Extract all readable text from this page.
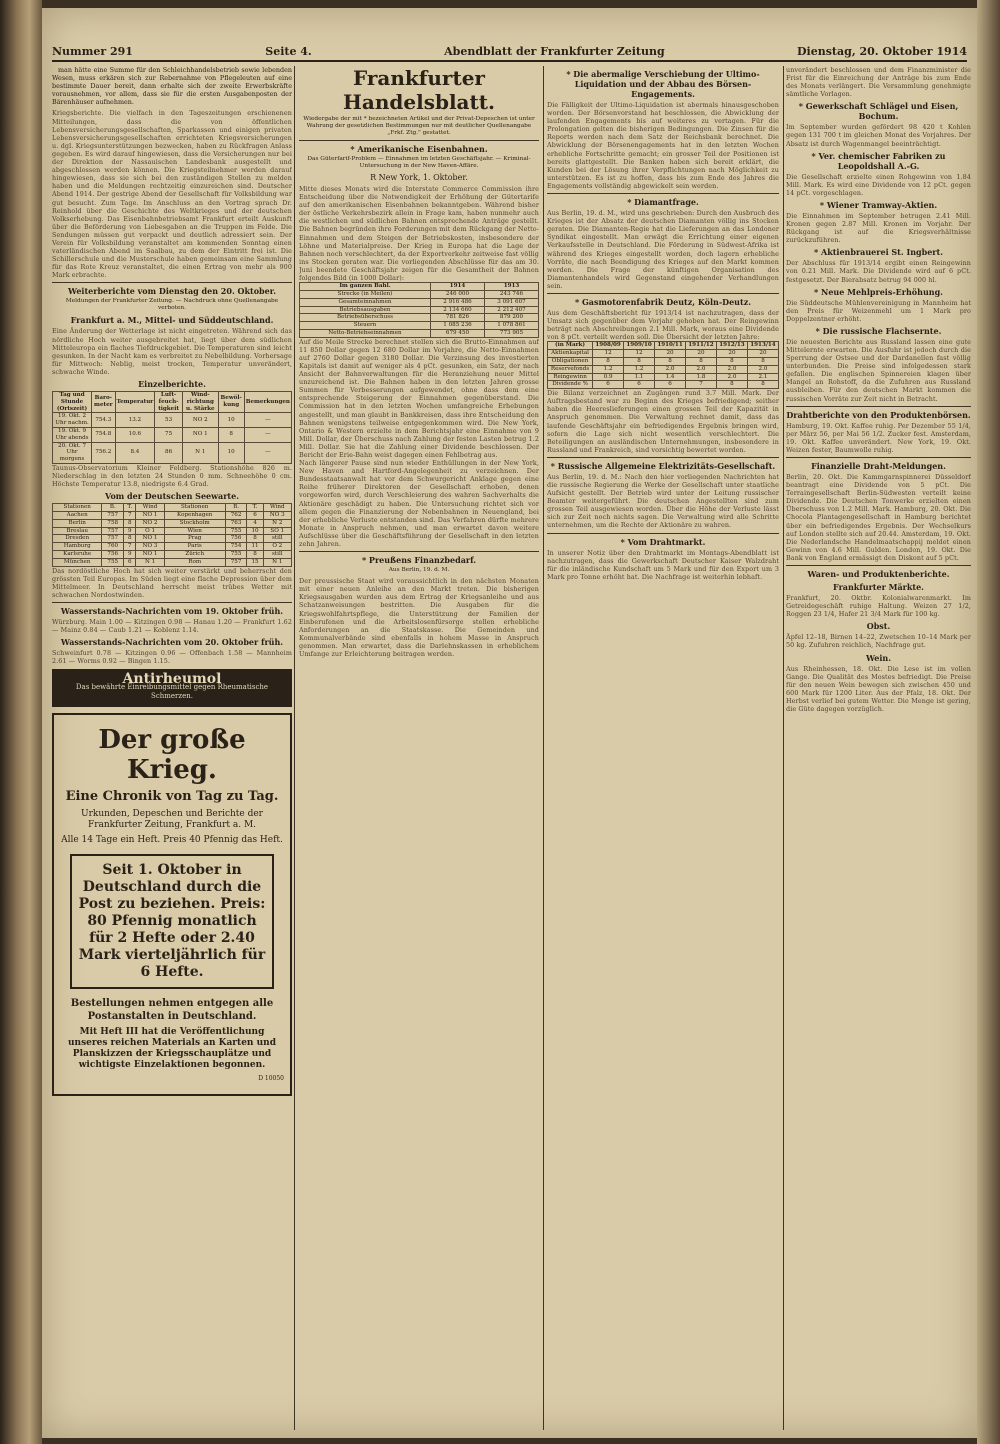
Nummer 291	Seite 4.	Abendblatt der Frankfurter Zeitung	Dienstag, 20. Oktober 1914

man hätte eine Summe für den Schleichhandelsbetrieb sowie lebenden Wesen, muss erkären sich zur Rebernahme von Pflegeleuten auf eine bestimmte Dauer bereit, dann erhalte sich der zweite Erwerbskräfte vorausnehmen, vor allem, dass sie für die ersten Ausgabenposten der Bärenhäuser aufnehmen.

Kriegsberichte. Die vielfach in den Tageszeitungen erschienenen Mitteilungen, dass die von öffentlichen Lebensversicherungsgesellschaften, Sparkassen und einigen privaten Lebensversicherungsgesellschaften errichteten Kriegsversicherungen u. dgl. Kriegsunterstützungen bezwecken, haben zu Rückfragen Anlass gegeben. Es wird darauf hingewiesen, dass die Versicherungen nur bei der Direktion der Nassauischen Landesbank ausgestellt und abgeschlossen werden können. Die Kriegsteilnehmer werden darauf hingewiesen, dass sie sich bei den zuständigen Stellen zu melden haben und die Meldungen rechtzeitig einzureichen sind. Deutscher Abend 1914. Der gestrige Abend der Gesellschaft für Volksbildung war gut besucht. Zum Tage. Im Anschluss an den Vortrag sprach Dr. Reinhold über die Geschichte des Weltkrieges und der deutschen Volkserhebung. Das Eisenbahnbetriebsamt Frankfurt erteilt Auskunft über die Beförderung von Liebesgaben an die Truppen im Felde. Die Sendungen müssen gut verpackt und deutlich adressiert sein. Der Verein für Volksbildung veranstaltet am kommenden Sonntag einen vaterländischen Abend im Saalbau, zu dem der Eintritt frei ist. Die Schillerschule und die Musterschule haben gemeinsam eine Sammlung für das Rote Kreuz veranstaltet, die einen Ertrag von mehr als 900 Mark erbrachte.

Weiterberichte vom Dienstag den 20. Oktober.
Meldungen der Frankfurter Zeitung. — Nachdruck ohne Quellenangabe verboten.
Frankfurt a. M., Mittel- und Süddeutschland.

Eine Änderung der Wetterlage ist nicht eingetreten. Während sich das nördliche Hoch weiter ausgebreitet hat, liegt über dem südlichen Mitteleuropa ein flaches Tiefdruckgebiet. Die Temperaturen sind leicht gesunken. In der Nacht kam es verbreitet zu Nebelbildung. Vorhersage für Mittwoch: Neblig, meist trocken, Temperatur unverändert, schwache Winde.

Einzelberichte.
Tag und Stunde (Ortszeit)	Baro-meter	Temperatur	Luft-feuch-tigkeit	Wind-richtung u. Stärke	Bewöl-kung	Bemerkungen
19. Okt. 2 Uhr nachm.	754.3	13.2	53	NO 2	10	—
19. Okt. 9 Uhr abends	754.8	10.6	75	NO 1	8	—
20. Okt. 7 Uhr morgens	756.2	8.4	86	N 1	10	—

Taunus-Observatorium Kleiner Feldberg. Stationshöhe 826 m. Niederschlag in den letzten 24 Stunden 0 mm. Schneehöhe 0 cm. Höchste Temperatur 13.8, niedrigste 6.4 Grad.

Vom der Deutschen Seewarte.
Stationen	B.	T.	Wind	Stationen	B.	T.	Wind
Aachen	757	7	NO 1	Kopenhagen	762	6	NO 3
Berlin	758	8	NO 2	Stockholm	763	4	N 2
Breslau	757	9	O 1	Wien	755	10	SO 1
Dresden	757	8	NO 1	Prag	756	8	still
Hamburg	760	7	NO 3	Paris	754	11	O 2
Karlsruhe	756	9	NO 1	Zürich	755	8	still
München	755	6	N 1	Rom	757	15	N 1

Das nordöstliche Hoch hat sich weiter verstärkt und beherrscht den grössten Teil Europas. Im Süden liegt eine flache Depression über dem Mittelmeer. In Deutschland herrscht meist trübes Wetter mit schwachen Nordostwinden.

Wasserstands-Nachrichten vom 19. Oktober früh.

Würzburg. Main 1.00 — Kitzingen 0.98 — Hanau 1.20 — Frankfurt 1.62 — Mainz 0.84 — Caub 1.21 — Koblenz 1.14.

Wasserstands-Nachrichten vom 20. Oktober früh.

Schweinfurt 0.78 — Kitzingen 0.96 — Offenbach 1.58 — Mannheim 2.61 — Worms 0.92 — Bingen 1.15.

Antirheumol
Das bewährte Einreibungsmittel gegen Rheumatische Schmerzen.
Der große Krieg.
Eine Chronik von Tag zu Tag.
Urkunden, Depeschen und Berichte der Frankfurter Zeitung, Frankfurt a. M.
Alle 14 Tage ein Heft. Preis 40 Pfennig das Heft.
Seit 1. Oktober in Deutschland durch die Post zu beziehen. Preis: 80 Pfennig monatlich für 2 Hefte oder 2.40 Mark vierteljährlich für 6 Hefte.
Bestellungen nehmen entgegen alle Postanstalten in Deutschland.
Mit Heft III hat die Veröffentlichung unseres reichen Materials an Karten und Planskizzen der Kriegsschauplätze und wichtigste Einzelaktionen begonnen.
D 10050
Frankfurter Handelsblatt.
Wiedergabe der mit * bezeichneten Artikel und der Privat-Depeschen ist unter Wahrung der gesetzlichen Bestimmungen nur mit deutlicher Quellenangabe „Frkf. Ztg." gestattet.
* Amerikanische Eisenbahnen.
Das Güterfarif-Problem — Einnahmen im letzten Geschäftsjahr. — Kriminal-Untersuchung in der New Haven-Affäre.
R New York, 1. Oktober.

Mitte dieses Monats wird die Interstate Commerce Commission ihre Entscheidung über die Notwendigkeit der Erhöhung der Gütertarife auf den amerikanischen Eisenbahnen bekanntgeben. Während bisher der östliche Verkehrsbezirk allein in Frage kam, haben nunmehr auch die westlichen und südlichen Bahnen entsprechende Anträge gestellt. Die Bahnen begründen ihre Forderungen mit dem Rückgang der Netto-Einnahmen und dem Steigen der Betriebskosten, insbesondere der Löhne und Materialpreise. Der Krieg in Europa hat die Lage der Bahnen noch verschlechtert, da der Exportverkehr zeitweise fast völlig ins Stocken geraten war. Die vorliegenden Abschlüsse für das am 30. Juni beendete Geschäftsjahr zeigen für die Gesamtheit der Bahnen folgendes Bild (in 1000 Dollar):

Im ganzen Bahl.	1914	1913
Strecke (in Meilen)	246 000	243 746
Gesamteinnahmen	2 916 486	3 091 607
Betriebsausgaben	2 134 660	2 212 407
Betriebsüberschuss	781 826	879 200
Steuern	1 085 236	1 078 861
Netto-Betriebseinnahmen	679 450	773 905

Auf die Meile Strecke berechnet stellen sich die Brutto-Einnahmen auf 11 850 Dollar gegen 12 680 Dollar im Vorjahre, die Netto-Einnahmen auf 2760 Dollar gegen 3180 Dollar. Die Verzinsung des investierten Kapitals ist damit auf weniger als 4 pCt. gesunken, ein Satz, der nach Ansicht der Bahnverwaltungen für die Heranziehung neuer Mittel unzureichend ist. Die Bahnen haben in den letzten Jahren grosse Summen für Verbesserungen aufgewendet, ohne dass dem eine entsprechende Steigerung der Einnahmen gegenüberstand. Die Commission hat in den letzten Wochen umfangreiche Erhebungen angestellt, und man glaubt in Bankkreisen, dass ihre Entscheidung den Bahnen wenigstens teilweise entgegenkommen wird. Die New York, Ontario & Western erzielte in dem Berichtsjahr eine Einnahme von 9 Mill. Dollar, der Überschuss nach Zahlung der festen Lasten betrug 1.2 Mill. Dollar. Sie hat die Zahlung einer Dividende beschlossen. Der Bericht der Erie-Bahn weist dagegen einen Fehlbetrag aus.

Nach längerer Pause sind nun wieder Enthüllungen in der New York, New Haven and Hartford-Angelegenheit zu verzeichnen. Der Bundesstaatsanwalt hat vor dem Schwurgericht Anklage gegen eine Reihe früherer Direktoren der Gesellschaft erhoben, denen vorgeworfen wird, durch Verschleierung des wahren Sachverhalts die Aktionäre geschädigt zu haben. Die Untersuchung richtet sich vor allem gegen die Finanzierung der Nebenbahnen in Neuengland, bei der erhebliche Verluste entstanden sind. Das Verfahren dürfte mehrere Monate in Anspruch nehmen, und man erwartet davon weitere Aufschlüsse über die Geschäftsführung der Gesellschaft in den letzten zehn Jahren.

* Preußens Finanzbedarf.
Aus Berlin, 19. d. M.

Der preussische Staat wird voraussichtlich in den nächsten Monaten mit einer neuen Anleihe an den Markt treten. Die bisherigen Kriegsausgaben wurden aus dem Ertrag der Kriegsanleihe und aus Schatzanweisungen bestritten. Die Ausgaben für die Kriegswohlfahrtspflege, die Unterstützung der Familien der Einberufenen und die Arbeitslosenfürsorge stellen erhebliche Anforderungen an die Staatskasse. Die Gemeinden und Kommunalverbände sind ebenfalls in hohem Masse in Anspruch genommen. Man erwartet, dass die Darlehnskassen in erheblichem Umfange zur Erleichterung beitragen werden.

* Die abermalige Verschiebung der Ultimo-Liquidation und der Abbau des Börsen-Engagements.

Die Fälligkeit der Ultimo-Liquidation ist abermals hinausgeschoben worden. Der Börsenvorstand hat beschlossen, die Abwicklung der laufenden Engagements bis auf weiteres zu vertagen. Für die Prolongation gelten die bisherigen Bedingungen. Die Zinsen für die Reports werden nach dem Satz der Reichsbank berechnet. Die Abwicklung der Börsenengagements hat in den letzten Wochen erhebliche Fortschritte gemacht; ein grosser Teil der Positionen ist bereits glattgestellt. Die Banken haben sich bereit erklärt, die Kunden bei der Lösung ihrer Verpflichtungen nach Möglichkeit zu unterstützen. Es ist zu hoffen, dass bis zum Ende des Jahres die Engagements vollständig abgewickelt sein werden.

* Diamantfrage.

Aus Berlin, 19. d. M., wird uns geschrieben: Durch den Ausbruch des Krieges ist der Absatz der deutschen Diamanten völlig ins Stocken geraten. Die Diamanten-Regie hat die Lieferungen an das Londoner Syndikat eingestellt. Man erwägt die Errichtung einer eigenen Verkaufsstelle in Deutschland. Die Förderung in Südwest-Afrika ist während des Krieges eingestellt worden, doch lagern erhebliche Vorräte, die nach Beendigung des Krieges auf den Markt kommen werden. Die Frage der künftigen Organisation des Diamantenhandels wird Gegenstand eingehender Verhandlungen sein.

* Gasmotorenfabrik Deutz, Köln-Deutz.

Aus dem Geschäftsbericht für 1913/14 ist nachzutragen, dass der Umsatz sich gegenüber dem Vorjahr gehoben hat. Der Reingewinn beträgt nach Abschreibungen 2.1 Mill. Mark, woraus eine Dividende von 8 pCt. verteilt werden soll. Die Übersicht der letzten Jahre:

(in Mark)	1908/09	1909/10	1910/11	1911/12	1912/13	1913/14
Aktienkapital	12	12	20	20	20	20
Obligationen	8	8	8	8	8	8
Reservefonds	1.2	1.2	2.0	2.0	2.0	2.0
Reingewinn	0.9	1.1	1.4	1.8	2.0	2.1
Dividende %	6	6	6	7	8	8

Die Bilanz verzeichnet an Zugängen rund 3.7 Mill. Mark. Der Auftragsbestand war zu Beginn des Krieges befriedigend; seither haben die Heereslieferungen einen grossen Teil der Kapazität in Anspruch genommen. Die Verwaltung rechnet damit, dass das laufende Geschäftsjahr ein befriedigendes Ergebnis bringen wird, sofern die Lage sich nicht wesentlich verschlechtert. Die Beteiligungen an ausländischen Unternehmungen, insbesondere in Russland und Frankreich, sind vorsichtig bewertet worden.

* Russische Allgemeine Elektrizitäts-Gesellschaft.

Aus Berlin, 19. d. M.: Nach den hier vorliegenden Nachrichten hat die russische Regierung die Werke der Gesellschaft unter staatliche Aufsicht gestellt. Der Betrieb wird unter der Leitung russischer Beamter weitergeführt. Die deutschen Angestellten sind zum grossen Teil ausgewiesen worden. Über die Höhe der Verluste lässt sich zur Zeit noch nichts sagen. Die Verwaltung wird alle Schritte unternehmen, um die Rechte der Aktionäre zu wahren.

* Vom Drahtmarkt.

In unserer Notiz über den Drahtmarkt im Montags-Abendblatt ist nachzutragen, dass die Gewerkschaft Deutscher Kaiser Walzdraht für die inländische Kundschaft um 5 Mark und für den Export um 3 Mark pro Tonne erhöht hat. Die Nachfrage ist weiterhin lebhaft.

unverändert beschlossen und dem Finanzminister die Frist für die Einreichung der Anträge bis zum Ende des Monats verlängert. Die Versammlung genehmigte sämtliche Vorlagen.

* Gewerkschaft Schlägel und Eisen, Bochum.

Im September wurden gefördert 98 420 t Kohlen gegen 131 700 t im gleichen Monat des Vorjahres. Der Absatz ist durch Wagenmangel beeinträchtigt.

* Ver. chemischer Fabriken zu Leopoldshall A.-G.

Die Gesellschaft erzielte einen Rohgewinn von 1.84 Mill. Mark. Es wird eine Dividende von 12 pCt. gegen 14 pCt. vorgeschlagen.

* Wiener Tramway-Aktien.

Die Einnahmen im September betrugen 2.41 Mill. Kronen gegen 2.87 Mill. Kronen im Vorjahr. Der Rückgang ist auf die Kriegsverhältnisse zurückzuführen.

* Aktienbrauerei St. Ingbert.

Der Abschluss für 1913/14 ergibt einen Reingewinn von 0.21 Mill. Mark. Die Dividende wird auf 6 pCt. festgesetzt. Der Bierabsatz betrug 94 000 hl.

* Neue Mehlpreis-Erhöhung.

Die Süddeutsche Mühlenvereinigung in Mannheim hat den Preis für Weizenmehl um 1 Mark pro Doppelzentner erhöht.

* Die russische Flachsernte.

Die neuesten Berichte aus Russland lassen eine gute Mittelernte erwarten. Die Ausfuhr ist jedoch durch die Sperrung der Ostsee und der Dardanellen fast völlig unterbunden. Die Preise sind infolgedessen stark gefallen. Die englischen Spinnereien klagen über Mangel an Rohstoff, da die Zufuhren aus Russland ausbleiben. Für den deutschen Markt kommen die russischen Vorräte zur Zeit nicht in Betracht.

Drahtberichte von den Produktenbörsen.

Hamburg, 19. Okt. Kaffee ruhig. Per Dezember 55 1/4, per März 56, per Mai 56 1/2. Zucker fest. Amsterdam, 19. Okt. Kaffee unverändert. New York, 19. Okt. Weizen fester, Baumwolle ruhig.

Finanzielle Draht-Meldungen.

Berlin, 20. Okt. Die Kammgarnspinnerei Düsseldorf beantragt eine Dividende von 5 pCt. Die Terraingesellschaft Berlin-Südwesten verteilt keine Dividende. Die Deutschen Tonwerke erzielten einen Überschuss von 1.2 Mill. Mark. Hamburg, 20. Okt. Die Chocola Plantagengesellschaft in Hamburg berichtet über ein befriedigendes Ergebnis. Der Wechselkurs auf London stellte sich auf 20.44. Amsterdam, 19. Okt. Die Nederlandsche Handelmaatschappij meldet einen Gewinn von 4.6 Mill. Gulden. London, 19. Okt. Die Bank von England ermässigt den Diskont auf 5 pCt.

Waren- und Produktenberichte.
Frankfurter Märkte.

Frankfurt, 20. Oktbr. Kolonialwarenmarkt. Im Getreidegeschäft ruhige Haltung. Weizen 27 1/2, Roggen 23 1/4, Hafer 21 3/4 Mark für 100 kg.

Obst.

Äpfel 12–18, Birnen 14–22, Zwetschen 10–14 Mark per 50 kg. Zufuhren reichlich, Nachfrage gut.

Wein.

Aus Rheinhessen, 18. Okt. Die Lese ist im vollen Gange. Die Qualität des Mostes befriedigt. Die Preise für den neuen Wein bewegen sich zwischen 450 und 600 Mark für 1200 Liter. Aus der Pfalz, 18. Okt. Der Herbst verlief bei gutem Wetter. Die Menge ist gering, die Güte dagegen vorzüglich.
